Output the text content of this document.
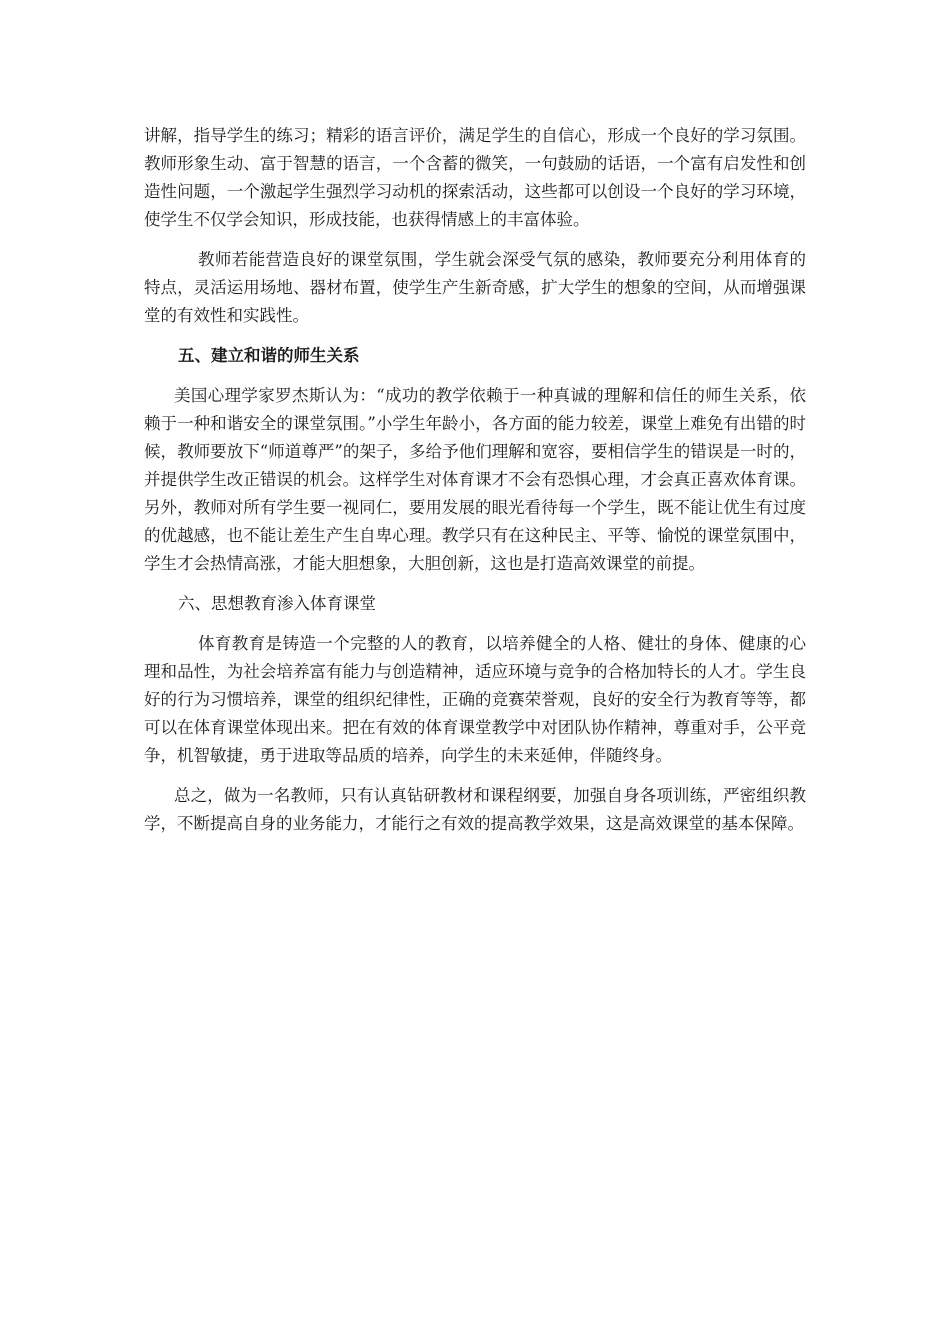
讲解，指导学生的练习；精彩的语言评价，满足学生的自信心，形成一个良好的学习氛围。教师形象生动、富于智慧的语言，一个含蓄的微笑，一句鼓励的话语，一个富有启发性和创造性问题，一个激起学生强烈学习动机的探索活动，这些都可以创设一个良好的学习环境，使学生不仅学会知识，形成技能，也获得情感上的丰富体验。

教师若能营造良好的课堂氛围，学生就会深受气氛的感染，教师要充分利用体育的特点，灵活运用场地、器材布置，使学生产生新奇感，扩大学生的想象的空间，从而增强课堂的有效性和实践性。

五、建立和谐的师生关系

美国心理学家罗杰斯认为：“成功的教学依赖于一种真诚的理解和信任的师生关系，依赖于一种和谐安全的课堂氛围。”小学生年龄小，各方面的能力较差，课堂上难免有出错的时候，教师要放下“师道尊严”的架子，多给予他们理解和宽容，要相信学生的错误是一时的，并提供学生改正错误的机会。这样学生对体育课才不会有恐惧心理，才会真正喜欢体育课。另外，教师对所有学生要一视同仁，要用发展的眼光看待每一个学生，既不能让优生有过度的优越感，也不能让差生产生自卑心理。教学只有在这种民主、平等、愉悦的课堂氛围中，学生才会热情高涨，才能大胆想象，大胆创新，这也是打造高效课堂的前提。

六、思想教育渗入体育课堂

体育教育是铸造一个完整的人的教育，以培养健全的人格、健壮的身体、健康的心理和品性，为社会培养富有能力与创造精神，适应环境与竞争的合格加特长的人才。学生良好的行为习惯培养，课堂的组织纪律性，正确的竞赛荣誉观，良好的安全行为教育等等，都可以在体育课堂体现出来。把在有效的体育课堂教学中对团队协作精神，尊重对手，公平竞争，机智敏捷，勇于进取等品质的培养，向学生的未来延伸，伴随终身。

总之，做为一名教师，只有认真钻研教材和课程纲要，加强自身各项训练，严密组织教学，不断提高自身的业务能力，才能行之有效的提高教学效果，这是高效课堂的基本保障。
